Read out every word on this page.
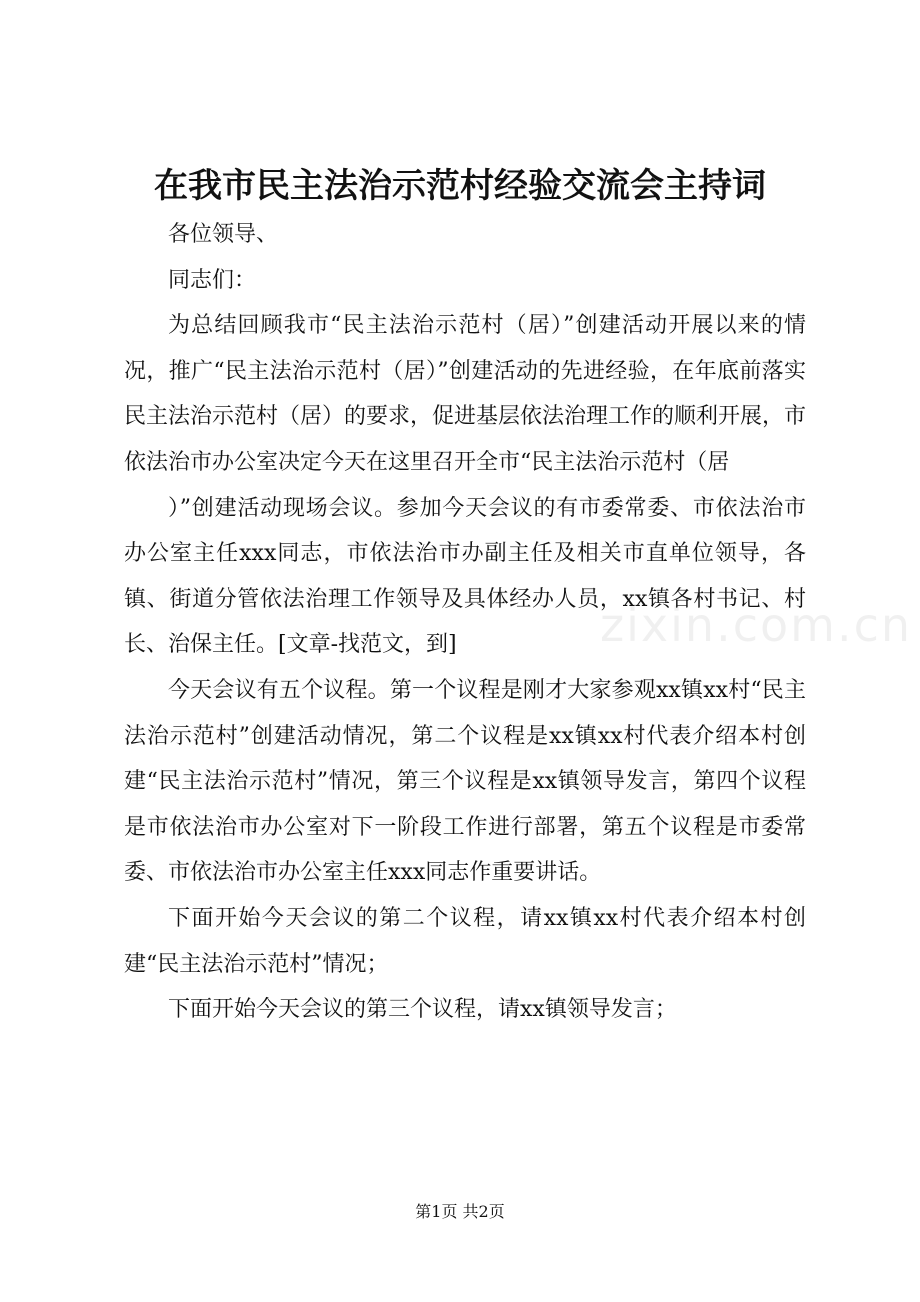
在我市民主法治示范村经验交流会主持词

各位领导、

同志们：

为总结回顾我市“民主法治示范村（居）”创建活动开展以来的情况，推广“民主法治示范村（居）”创建活动的先进经验，在年底前落实民主法治示范村（居）的要求，促进基层依法治理工作的顺利开展，市依法治市办公室决定今天在这里召开全市“民主法治示范村（居

）”创建活动现场会议。参加今天会议的有市委常委、市依法治市办公室主任xxx同志，市依法治市办副主任及相关市直单位领导，各镇、街道分管依法治理工作领导及具体经办人员，xx镇各村书记、村长、治保主任。[文章-找范文，到]

今天会议有五个议程。第一个议程是刚才大家参观xx镇xx村“民主法治示范村”创建活动情况，第二个议程是xx镇xx村代表介绍本村创建“民主法治示范村”情况，第三个议程是xx镇领导发言，第四个议程是市依法治市办公室对下一阶段工作进行部署，第五个议程是市委常委、市依法治市办公室主任xxx同志作重要讲话。

下面开始今天会议的第二个议程，请xx镇xx村代表介绍本村创建“民主法治示范村”情况；

下面开始今天会议的第三个议程，请xx镇领导发言；

zixin.com.cn
第1页 共2页
